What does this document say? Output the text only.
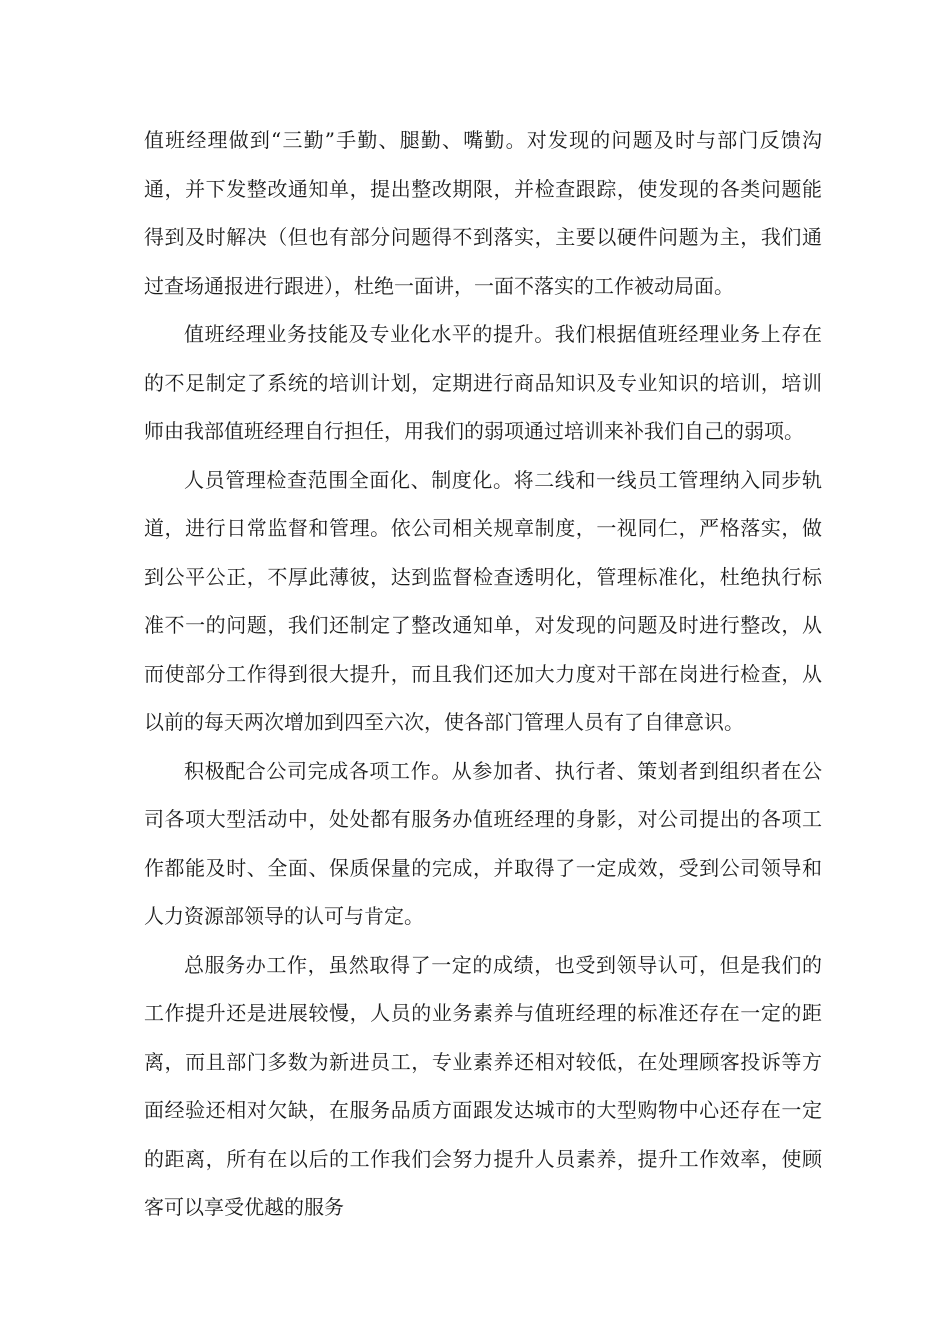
值班经理做到“三勤”手勤、腿勤、嘴勤。对发现的问题及时与部门反馈沟通，并下发整改通知单，提出整改期限，并检查跟踪，使发现的各类问题能得到及时解决（但也有部分问题得不到落实，主要以硬件问题为主，我们通过查场通报进行跟进），杜绝一面讲，一面不落实的工作被动局面。

值班经理业务技能及专业化水平的提升。我们根据值班经理业务上存在的不足制定了系统的培训计划，定期进行商品知识及专业知识的培训，培训师由我部值班经理自行担任，用我们的弱项通过培训来补我们自己的弱项。

人员管理检查范围全面化、制度化。将二线和一线员工管理纳入同步轨道，进行日常监督和管理。依公司相关规章制度，一视同仁，严格落实，做到公平公正，不厚此薄彼，达到监督检查透明化，管理标准化，杜绝执行标准不一的问题，我们还制定了整改通知单，对发现的问题及时进行整改，从而使部分工作得到很大提升，而且我们还加大力度对干部在岗进行检查，从以前的每天两次增加到四至六次，使各部门管理人员有了自律意识。

积极配合公司完成各项工作。从参加者、执行者、策划者到组织者在公司各项大型活动中，处处都有服务办值班经理的身影，对公司提出的各项工作都能及时、全面、保质保量的完成，并取得了一定成效，受到公司领导和人力资源部领导的认可与肯定。

总服务办工作，虽然取得了一定的成绩，也受到领导认可，但是我们的工作提升还是进展较慢，人员的业务素养与值班经理的标准还存在一定的距离，而且部门多数为新进员工，专业素养还相对较低，在处理顾客投诉等方面经验还相对欠缺，在服务品质方面跟发达城市的大型购物中心还存在一定的距离，所有在以后的工作我们会努力提升人员素养，提升工作效率，使顾客可以享受优越的服务
